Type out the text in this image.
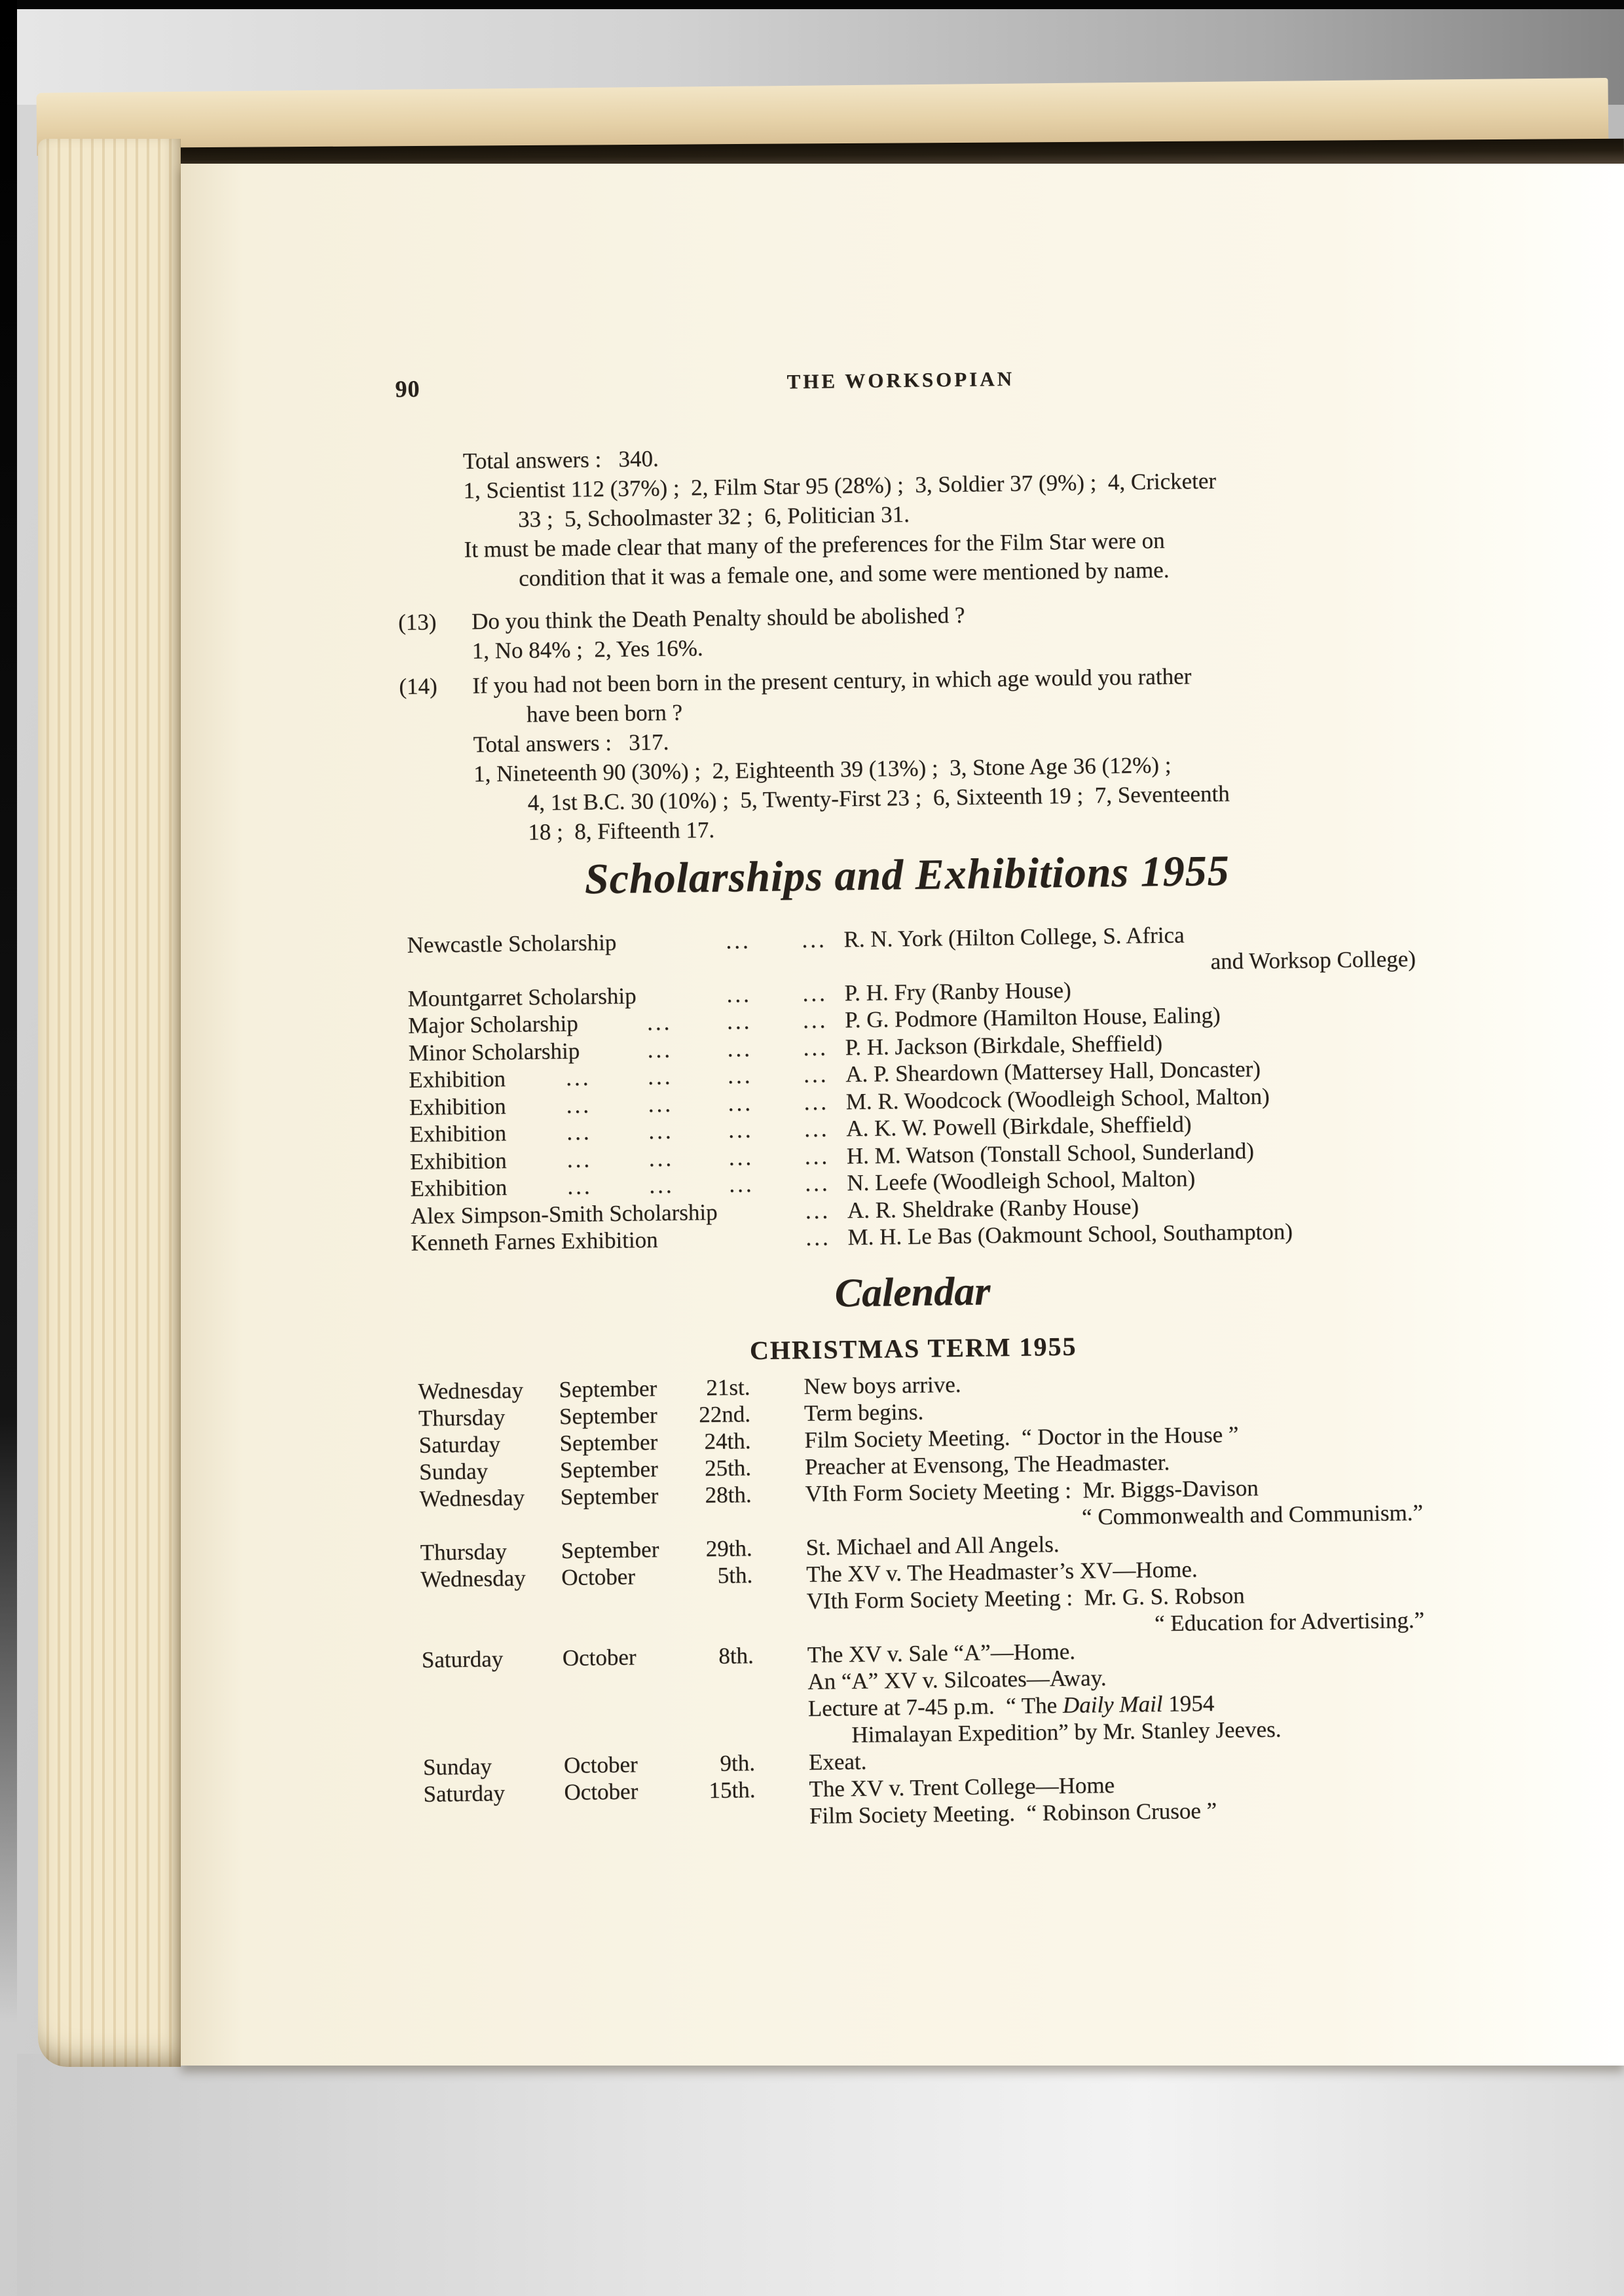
90	THE WORKSOPIAN
Total answers :   340.
1, Scientist 112 (37%) ;  2, Film Star 95 (28%) ;  3, Soldier 37 (9%) ;  4, Cricketer
33 ;  5, Schoolmaster 32 ;  6, Politician 31.
It must be made clear that many of the preferences for the Film Star were on
condition that it was a female one, and some were mentioned by name.
(13) Do you think the Death Penalty should be abolished ?
1, No 84% ;  2, Yes 16%.
(14) If you had not been born in the present century, in which age would you rather
have been born ?
Total answers :   317.
1, Nineteenth 90 (30%) ;  2, Eighteenth 39 (13%) ;  3, Stone Age 36 (12%) ;
4, 1st B.C. 30 (10%) ;  5, Twenty-First 23 ;  6, Sixteenth 19 ;  7, Seventeenth
18 ;  8, Fifteenth 17.
Scholarships and Exhibitions 1955
Newcastle Scholarship	... ... R. N. York (Hilton College, S. Africa
and Worksop College)
Mountgarret Scholarship	... ... P. H. Fry (Ranby House)
Major Scholarship	... ... ... P. G. Podmore (Hamilton House, Ealing)
Minor Scholarship	... ... ... P. H. Jackson (Birkdale, Sheffield)
Exhibition	... ... ... ... A. P. Sheardown (Mattersey Hall, Doncaster)
Exhibition	... ... ... ... M. R. Woodcock (Woodleigh School, Malton)
Exhibition	... ... ... ... A. K. W. Powell (Birkdale, Sheffield)
Exhibition	... ... ... ... H. M. Watson (Tonstall School, Sunderland)
Exhibition	... ... ... ... N. Leefe (Woodleigh School, Malton)
Alex Simpson-Smith Scholarship	... A. R. Sheldrake (Ranby House)
Kenneth Farnes Exhibition	... M. H. Le Bas (Oakmount School, Southampton)
Calendar
CHRISTMAS TERM 1955
Wednesday September	21st. New boys arrive.
Thursday September	22nd. Term begins.
Saturday	September	24th. Film Society Meeting.  “ Doctor in the House ”
Sunday	September	25th. Preacher at Evensong, The Headmaster.
Wednesday September	28th. VIth Form Society Meeting :  Mr. Biggs-Davison
“ Commonwealth and Communism.”
Thursday September	29th. St. Michael and All Angels.
Wednesday October	5th. The XV v. The Headmaster’s XV—Home.
VIth Form Society Meeting :  Mr. G. S. Robson
“ Education for Advertising.”
Saturday	October	8th. The XV v. Sale “A”—Home.
An “A” XV v. Silcoates—Away.
Lecture at 7-45 p.m.  “ The Daily Mail 1954
Himalayan Expedition” by Mr. Stanley Jeeves.
Sunday	October	9th. Exeat.
Saturday	October	15th. The XV v. Trent College—Home
Film Society Meeting.  “ Robinson Crusoe ”
